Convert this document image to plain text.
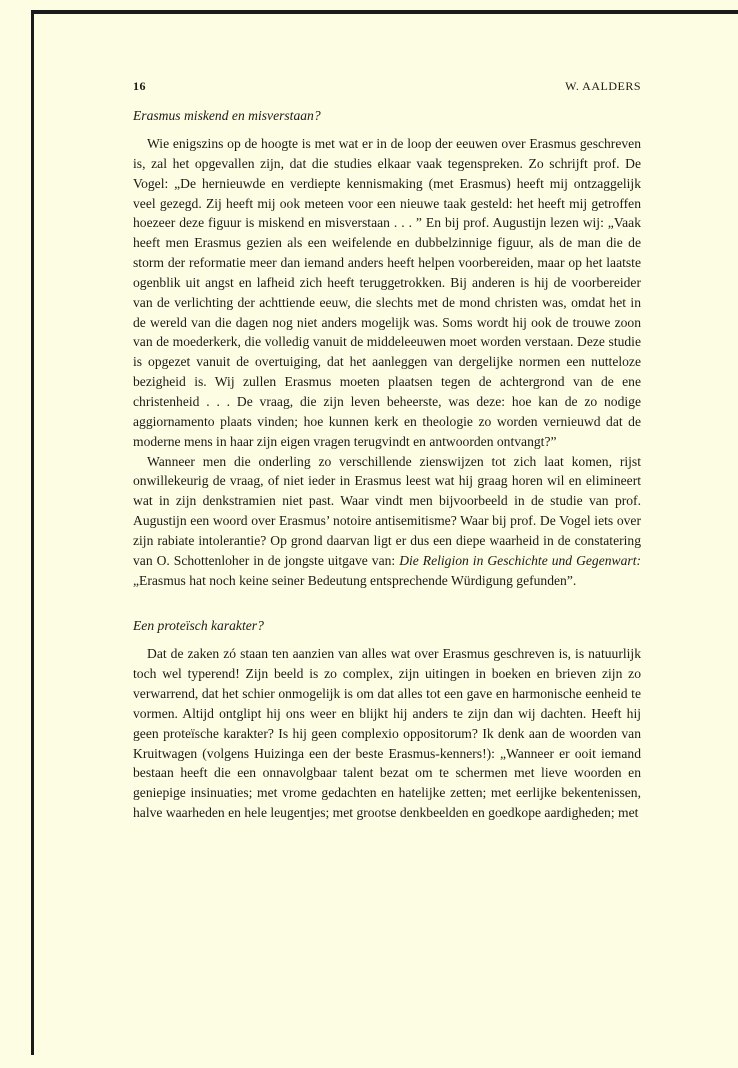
16	W. AALDERS

Erasmus miskend en misverstaan?

Wie enigszins op de hoogte is met wat er in de loop der eeuwen over Erasmus geschreven is, zal het opgevallen zijn, dat die studies elkaar vaak tegenspreken. Zo schrijft prof. De Vogel: „De hernieuwde en verdiepte kennismaking (met Erasmus) heeft mij ontzaggelijk veel gezegd. Zij heeft mij ook meteen voor een nieuwe taak gesteld: het heeft mij getroffen hoezeer deze figuur is miskend en misverstaan . . . ” En bij prof. Augustijn lezen wij: „Vaak heeft men Erasmus gezien als een weifelende en dubbelzinnige figuur, als de man die de storm der reformatie meer dan iemand anders heeft helpen voorbereiden, maar op het laatste ogenblik uit angst en lafheid zich heeft teruggetrokken. Bij anderen is hij de voorbereider van de verlichting der achttiende eeuw, die slechts met de mond christen was, omdat het in de wereld van die dagen nog niet anders mogelijk was. Soms wordt hij ook de trouwe zoon van de moederkerk, die volledig vanuit de middeleeuwen moet worden verstaan. Deze studie is opgezet vanuit de overtuiging, dat het aanleggen van dergelijke normen een nutteloze bezigheid is. Wij zullen Erasmus moeten plaatsen tegen de achtergrond van de ene christenheid . . . De vraag, die zijn leven beheerste, was deze: hoe kan de zo nodige aggiornamento plaats vinden; hoe kunnen kerk en theologie zo worden vernieuwd dat de moderne mens in haar zijn eigen vragen terugvindt en antwoorden ontvangt?”

Wanneer men die onderling zo verschillende zienswijzen tot zich laat komen, rijst onwillekeurig de vraag, of niet ieder in Erasmus leest wat hij graag horen wil en elimineert wat in zijn denkstramien niet past. Waar vindt men bijvoorbeeld in de studie van prof. Augustijn een woord over Erasmus’ notoire antisemitisme? Waar bij prof. De Vogel iets over zijn rabiate intolerantie? Op grond daarvan ligt er dus een diepe waarheid in de constatering van O. Schottenloher in de jongste uitgave van: Die Religion in Geschichte und Gegenwart: „Erasmus hat noch keine seiner Bedeutung entsprechende Würdigung gefunden”.

Een proteïsch karakter?

Dat de zaken zó staan ten aanzien van alles wat over Erasmus geschreven is, is natuurlijk toch wel typerend! Zijn beeld is zo complex, zijn uitingen in boeken en brieven zijn zo verwarrend, dat het schier onmogelijk is om dat alles tot een gave en harmonische eenheid te vormen. Altijd ontglipt hij ons weer en blijkt hij anders te zijn dan wij dachten. Heeft hij geen proteïsche karakter? Is hij geen complexio oppositorum? Ik denk aan de woorden van Kruitwagen (volgens Huizinga een der beste Erasmus-kenners!): „Wanneer er ooit iemand bestaan heeft die een onnavolgbaar talent bezat om te schermen met lieve woorden en geniepige insinuaties; met vrome gedachten en hatelijke zetten; met eerlijke bekentenissen, halve waarheden en hele leugentjes; met grootse denkbeelden en goedkope aardigheden; met
